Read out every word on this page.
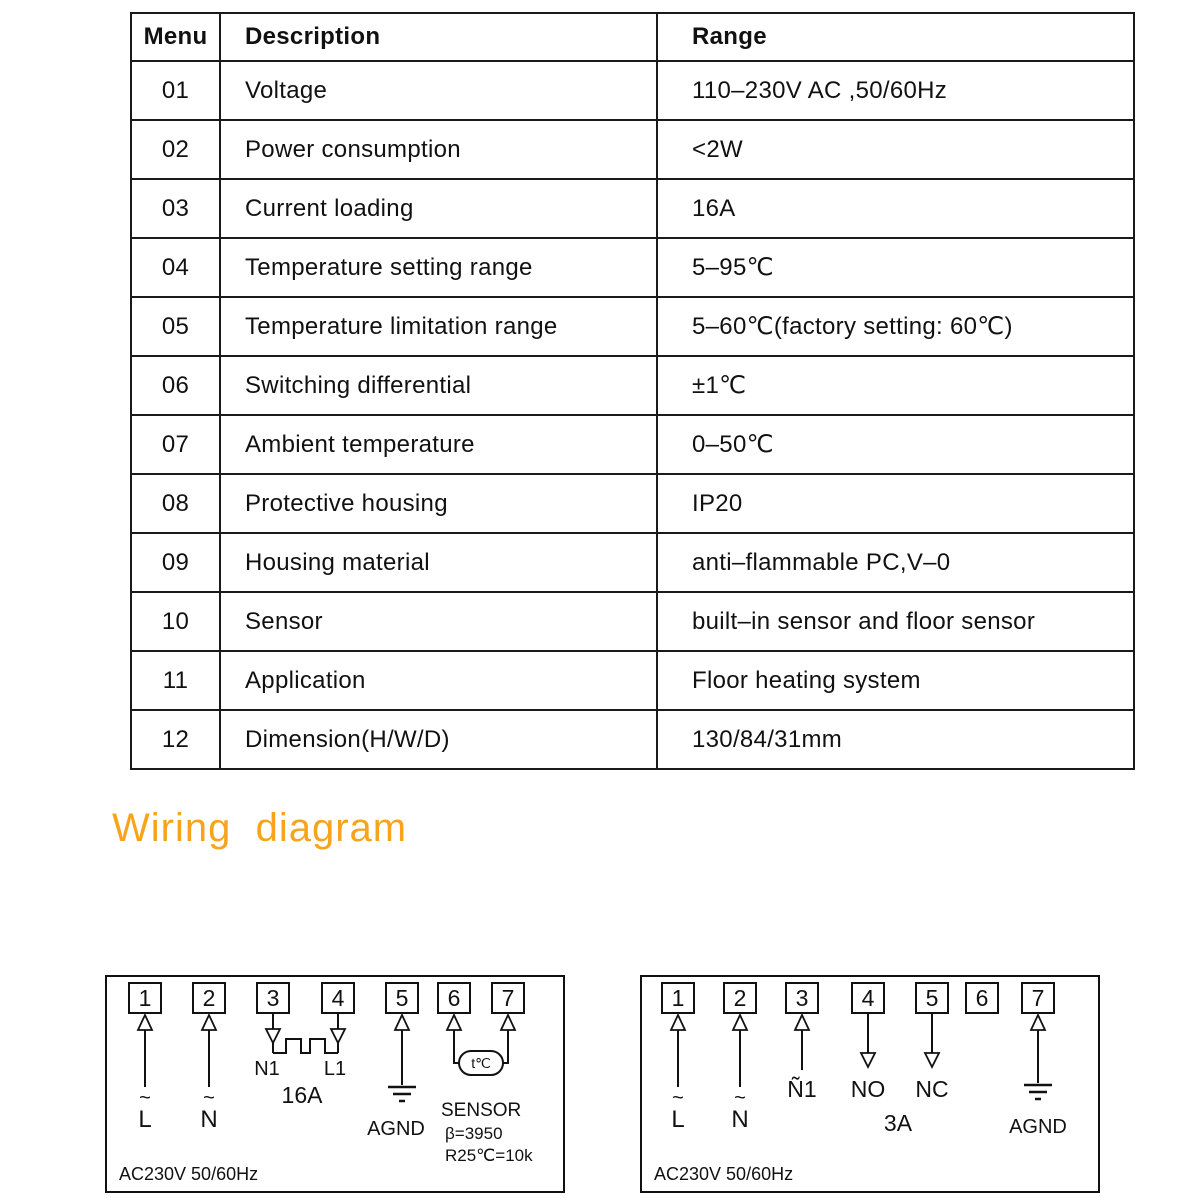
Menu	Description	Range
01	Voltage	110–230V AC ,50/60Hz
02	Power consumption	<2W
03	Current loading	16A
04	Temperature setting range	5–95℃
05	Temperature limitation range	5–60℃(factory setting: 60℃)
06	Switching differential	±1℃
07	Ambient temperature	0–50℃
08	Protective housing	IP20
09	Housing material	anti–flammable PC,V–0
10	Sensor	built–in sensor and floor sensor
11	Application	Floor heating system
12	Dimension(H/W/D)	130/84/31mm
Wiring  diagram
1 2 3 4 5 6 7
~
L
~
N
N1 L1
16A
AGND
t℃
SENSOR
β=3950
R25℃=10k
AC230V 50/60Hz
1 2 3 4 5 6 7
~
L
~
N
Ñ1 NO NC
3A	AGND
AC230V 50/60Hz
